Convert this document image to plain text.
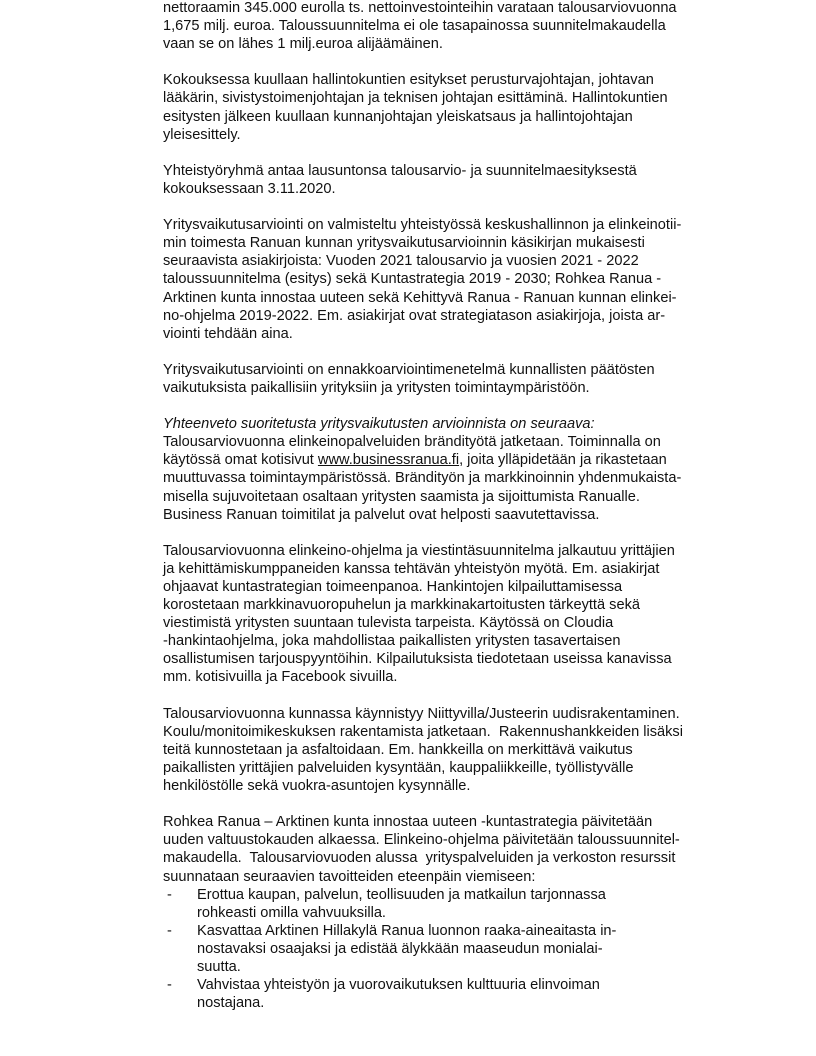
nettoraamin 345.000 eurolla ts. nettoinvestointeihin varataan talousarviovuonna
1,675 milj. euroa. Taloussuunnitelma ei ole tasapainossa suunnitelmakaudella
vaan se on lähes 1 milj.euroa alijäämäinen.
Kokouksessa kuullaan hallintokuntien esitykset perusturvajohtajan, johtavan
lääkärin, sivistystoimenjohtajan ja teknisen johtajan esittäminä. Hallintokuntien
esitysten jälkeen kuullaan kunnanjohtajan yleiskatsaus ja hallintojohtajan
yleisesittely.
Yhteistyöryhmä antaa lausuntonsa talousarvio- ja suunnitelmaesityksestä
kokouksessaan 3.11.2020.
Yritysvaikutusarviointi on valmisteltu yhteistyössä keskushallinnon ja elinkeinotii-
min toimesta Ranuan kunnan yritysvaikutusarvioinnin käsikirjan mukaisesti
seuraavista asiakirjoista: Vuoden 2021 talousarvio ja vuosien 2021 - 2022
taloussuunnitelma (esitys) sekä Kuntastrategia 2019 - 2030; Rohkea Ranua -
Arktinen kunta innostaa uuteen sekä Kehittyvä Ranua - Ranuan kunnan elinkei-
no-ohjelma 2019-2022. Em. asiakirjat ovat strategiatason asiakirjoja, joista ar-
viointi tehdään aina.
Yritysvaikutusarviointi on ennakkoarviointimenetelmä kunnallisten päätösten
vaikutuksista paikallisiin yrityksiin ja yritysten toimintaympäristöön.
Yhteenveto suoritetusta yritysvaikutusten arvioinnista on seuraava:
Talousarviovuonna elinkeinopalveluiden brändityötä jatketaan. Toiminnalla on
käytössä omat kotisivut www.businessranua.fi, joita ylläpidetään ja rikastetaan
muuttuvassa toimintaympäristössä. Brändityön ja markkinoinnin yhdenmukaista-
misella sujuvoitetaan osaltaan yritysten saamista ja sijoittumista Ranualle.
Business Ranuan toimitilat ja palvelut ovat helposti saavutettavissa.
Talousarviovuonna elinkeino-ohjelma ja viestintäsuunnitelma jalkautuu yrittäjien
ja kehittämiskumppaneiden kanssa tehtävän yhteistyön myötä. Em. asiakirjat
ohjaavat kuntastrategian toimeenpanoa. Hankintojen kilpailuttamisessa
korostetaan markkinavuoropuhelun ja markkinakartoitusten tärkeyttä sekä
viestimistä yritysten suuntaan tulevista tarpeista. Käytössä on Cloudia
-hankintaohjelma, joka mahdollistaa paikallisten yritysten tasavertaisen
osallistumisen tarjouspyyntöihin. Kilpailutuksista tiedotetaan useissa kanavissa
mm. kotisivuilla ja Facebook sivuilla.
Talousarviovuonna kunnassa käynnistyy Niittyvilla/Justeerin uudisrakentaminen.
Koulu/monitoimikeskuksen rakentamista jatketaan.  Rakennushankkeiden lisäksi
teitä kunnostetaan ja asfaltoidaan. Em. hankkeilla on merkittävä vaikutus
paikallisten yrittäjien palveluiden kysyntään, kauppaliikkeille, työllistyvälle
henkilöstölle sekä vuokra-asuntojen kysynnälle.
Rohkea Ranua – Arktinen kunta innostaa uuteen -kuntastrategia päivitetään
uuden valtuustokauden alkaessa. Elinkeino-ohjelma päivitetään taloussuunnitel-
makaudella.  Talousarviovuoden alussa  yrityspalveluiden ja verkoston resurssit
suunnataan seuraavien tavoitteiden eteenpäin viemiseen:
-	Erottua kaupan, palvelun, teollisuuden ja matkailun tarjonnassa
rohkeasti omilla vahvuuksilla.
-	Kasvattaa Arktinen Hillakylä Ranua luonnon raaka-aineaitasta in-
nostavaksi osaajaksi ja edistää älykkään maaseudun monialai-
suutta.
-	Vahvistaa yhteistyön ja vuorovaikutuksen kulttuuria elinvoiman
nostajana.
